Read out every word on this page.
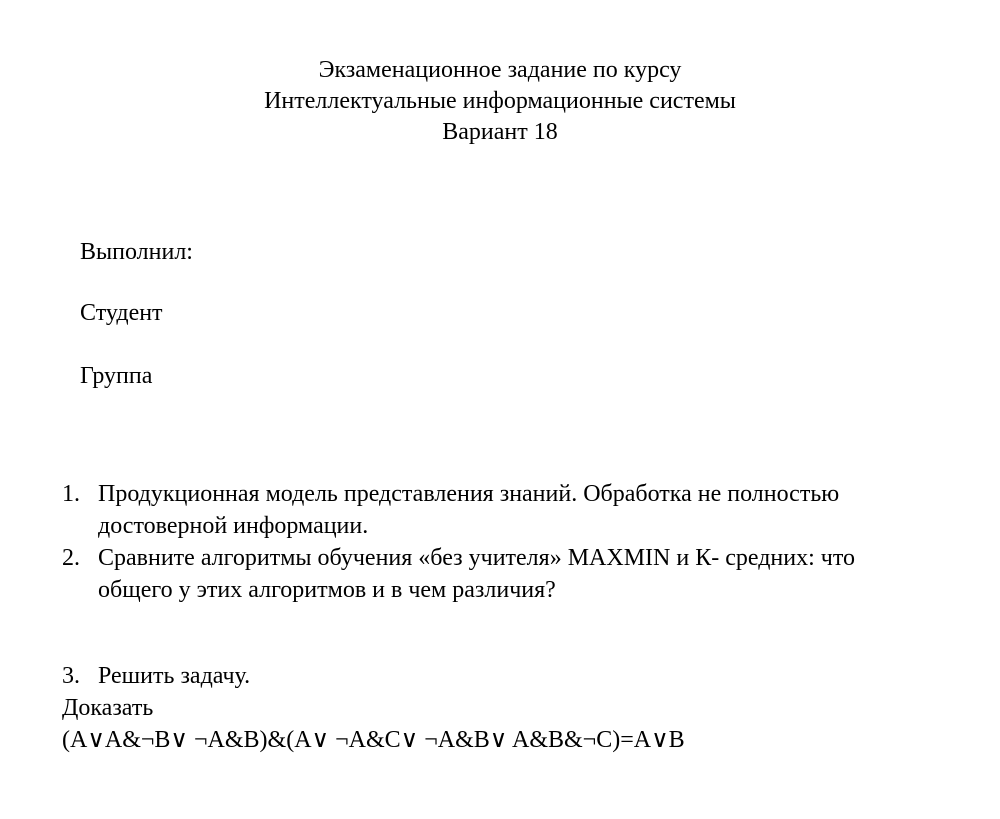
Экзаменационное задание по курсу
Интеллектуальные информационные системы
Вариант 18
Выполнил:
Студент
Группа
1. Продукционная модель представления знаний. Обработка не полностью
достоверной информации.
2. Сравните алгоритмы обучения «без учителя» MAXMIN и К- средних: что
общего у этих алгоритмов и в чем различия?
3. Решить задачу.
Доказать
(A∨A&¬B∨ ¬A&B)&(A∨ ¬A&C∨ ¬A&B∨ A&B&¬C)=A∨B
